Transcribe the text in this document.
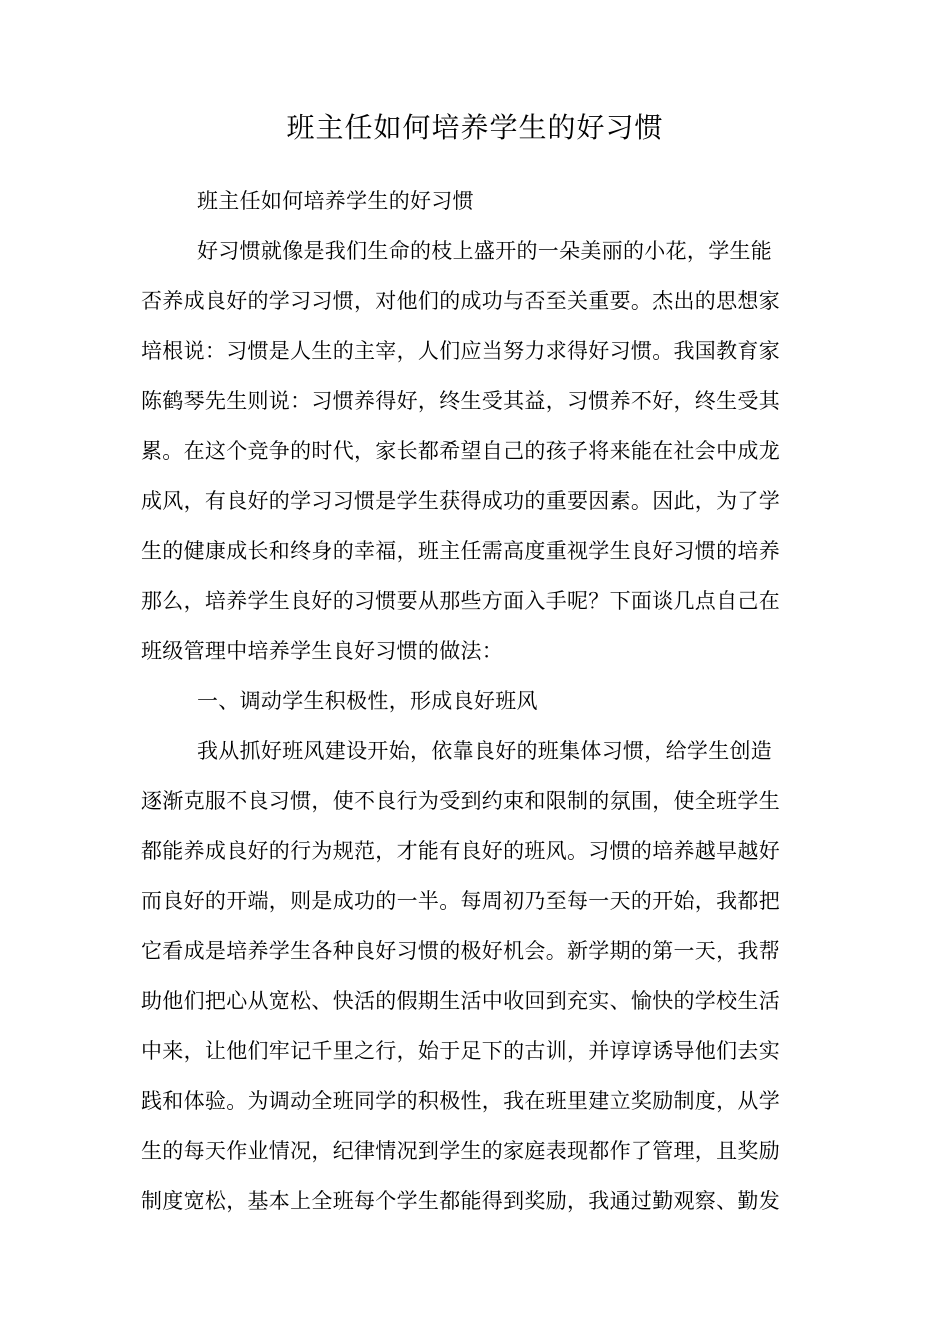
班主任如何培养学生的好习惯
班主任如何培养学生的好习惯
好习惯就像是我们生命的枝上盛开的一朵美丽的小花，学生能
否养成良好的学习习惯，对他们的成功与否至关重要。杰出的思想家
培根说：习惯是人生的主宰，人们应当努力求得好习惯。我国教育家
陈鹤琴先生则说：习惯养得好，终生受其益，习惯养不好，终生受其
累。在这个竞争的时代，家长都希望自己的孩子将来能在社会中成龙
成风，有良好的学习习惯是学生获得成功的重要因素。因此，为了学
生的健康成长和终身的幸福，班主任需高度重视学生良好习惯的培养
那么，培养学生良好的习惯要从那些方面入手呢？下面谈几点自己在
班级管理中培养学生良好习惯的做法：
一、调动学生积极性，形成良好班风
我从抓好班风建设开始，依靠良好的班集体习惯，给学生创造
逐渐克服不良习惯，使不良行为受到约束和限制的氛围，使全班学生
都能养成良好的行为规范，才能有良好的班风。习惯的培养越早越好
而良好的开端，则是成功的一半。每周初乃至每一天的开始，我都把
它看成是培养学生各种良好习惯的极好机会。新学期的第一天，我帮
助他们把心从宽松、快活的假期生活中收回到充实、愉快的学校生活
中来，让他们牢记千里之行，始于足下的古训，并谆谆诱导他们去实
践和体验。为调动全班同学的积极性，我在班里建立奖励制度，从学
生的每天作业情况，纪律情况到学生的家庭表现都作了管理，且奖励
制度宽松，基本上全班每个学生都能得到奖励，我通过勤观察、勤发
